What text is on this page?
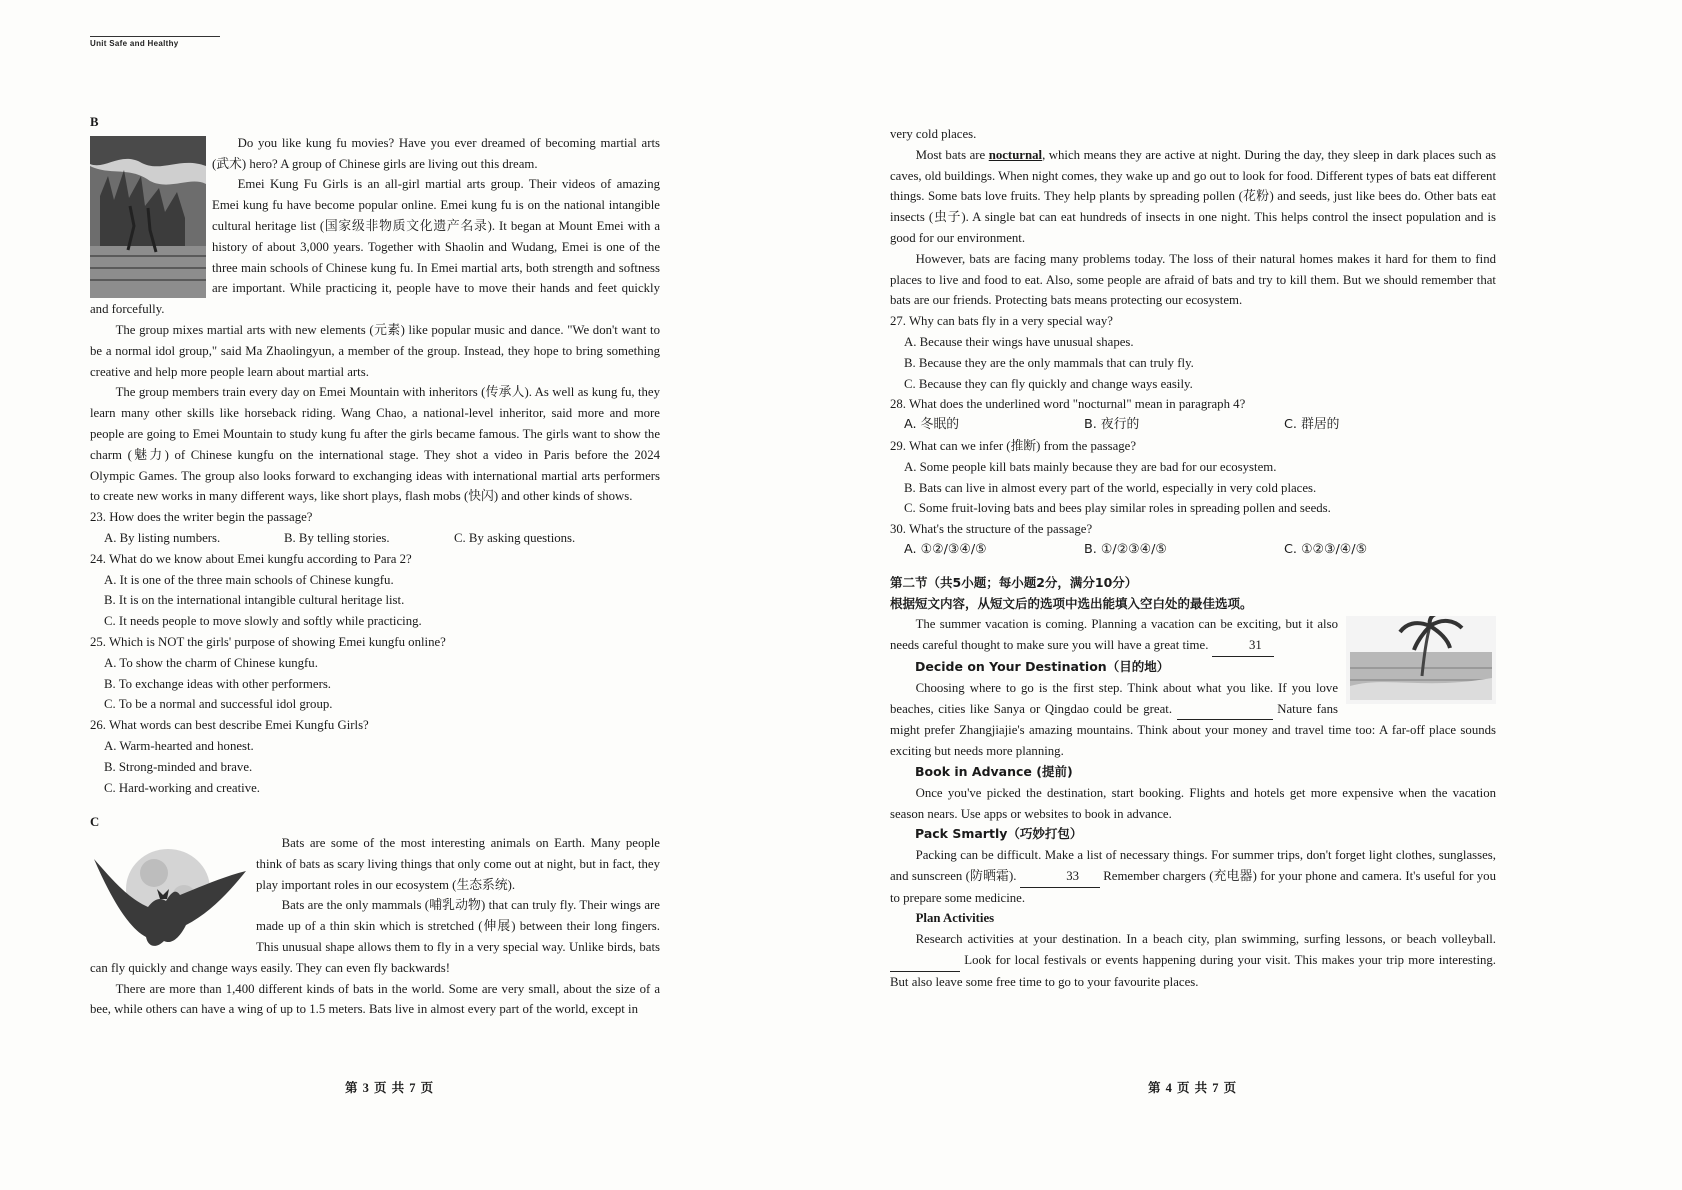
Unit Safe and Healthy

B

Do you like kung fu movies? Have you ever dreamed of becoming martial arts (武术) hero? A group of Chinese girls are living out this dream.

Emei Kung Fu Girls is an all-girl martial arts group. Their videos of amazing Emei kung fu have become popular online. Emei kung fu is on the national intangible cultural heritage list (国家级非物质文化遗产名录). It began at Mount Emei with a history of about 3,000 years. Together with Shaolin and Wudang, Emei is one of the three main schools of Chinese kung fu. In Emei martial arts, both strength and softness are important. While practicing it, people have to move their hands and feet quickly and forcefully.

The group mixes martial arts with new elements (元素) like popular music and dance. "We don't want to be a normal idol group," said Ma Zhaolingyun, a member of the group. Instead, they hope to bring something creative and help more people learn about martial arts.

The group members train every day on Emei Mountain with inheritors (传承人). As well as kung fu, they learn many other skills like horseback riding. Wang Chao, a national-level inheritor, said more and more people are going to Emei Mountain to study kung fu after the girls became famous. The girls want to show the charm (魅力) of Chinese kungfu on the international stage. They shot a video in Paris before the 2024 Olympic Games. The group also looks forward to exchanging ideas with international martial arts performers to create new works in many different ways, like short plays, flash mobs (快闪) and other kinds of shows.

23. How does the writer begin the passage?

A. By listing numbers.	B. By telling stories.	C. By asking questions.

24. What do we know about Emei kungfu according to Para 2?

A. It is one of the three main schools of Chinese kungfu.

B. It is on the international intangible cultural heritage list.

C. It needs people to move slowly and softly while practicing.

25. Which is NOT the girls' purpose of showing Emei kungfu online?

A. To show the charm of Chinese kungfu.

B. To exchange ideas with other performers.

C. To be a normal and successful idol group.

26. What words can best describe Emei Kungfu Girls?

A. Warm-hearted and honest.

B. Strong-minded and brave.

C. Hard-working and creative.

C

Bats are some of the most interesting animals on Earth. Many people think of bats as scary living things that only come out at night, but in fact, they play important roles in our ecosystem (生态系统).

Bats are the only mammals (哺乳动物) that can truly fly. Their wings are made up of a thin skin which is stretched (伸展) between their long fingers. This unusual shape allows them to fly in a very special way. Unlike birds, bats can fly quickly and change ways easily. They can even fly backwards!

There are more than 1,400 different kinds of bats in the world. Some are very small, about the size of a bee, while others can have a wing of up to 1.5 meters. Bats live in almost every part of the world, except in

第 3 页 共 7 页

very cold places.

Most bats are nocturnal, which means they are active at night. During the day, they sleep in dark places such as caves, old buildings. When night comes, they wake up and go out to look for food. Different types of bats eat different things. Some bats love fruits. They help plants by spreading pollen (花粉) and seeds, just like bees do. Other bats eat insects (虫子). A single bat can eat hundreds of insects in one night. This helps control the insect population and is good for our environment.

However, bats are facing many problems today. The loss of their natural homes makes it hard for them to find places to live and food to eat. Also, some people are afraid of bats and try to kill them. But we should remember that bats are our friends. Protecting bats means protecting our ecosystem.

27. Why can bats fly in a very special way?

A. Because their wings have unusual shapes.

B. Because they are the only mammals that can truly fly.

C. Because they can fly quickly and change ways easily.

28. What does the underlined word "nocturnal" mean in paragraph 4?

A. 冬眠的	B. 夜行的	C. 群居的

29. What can we infer (推断) from the passage?

A. Some people kill bats mainly because they are bad for our ecosystem.

B. Bats can live in almost every part of the world, especially in very cold places.

C. Some fruit-loving bats and bees play similar roles in spreading pollen and seeds.

30. What's the structure of the passage?

A. ①②/③④/⑤	B. ①/②③④/⑤	C. ①②③/④/⑤

第二节（共5小题；每小题2分，满分10分）

根据短文内容，从短文后的选项中选出能填入空白处的最佳选项。

The summer vacation is coming. Planning a vacation can be exciting, but it also needs careful thought to make sure you will have a great time.	31

Decide on Your Destination（目的地）

Choosing where to go is the first step. Think about what you like. If you love beaches, cities like Sanya or Qingdao could be great.	Nature fans might prefer Zhangjiajie's amazing mountains. Think about your money and travel time too: A far-off place sounds exciting but needs more planning.

Book in Advance (提前)

Once you've picked the destination, start booking. Flights and hotels get more expensive when the vacation season nears. Use apps or websites to book in advance.

Pack Smartly（巧妙打包）

Packing can be difficult. Make a list of necessary things. For summer trips, don't forget light clothes, sunglasses, and sunscreen (防晒霜).	33 Remember chargers (充电器) for your phone and camera. It's useful for you to prepare some medicine.

Plan Activities

Research activities at your destination. In a beach city, plan swimming, surfing lessons, or beach volleyball.   Look for local festivals or events happening during your visit. This makes your trip more interesting. But also leave some free time to go to your favourite places.

第 4 页 共 7 页
